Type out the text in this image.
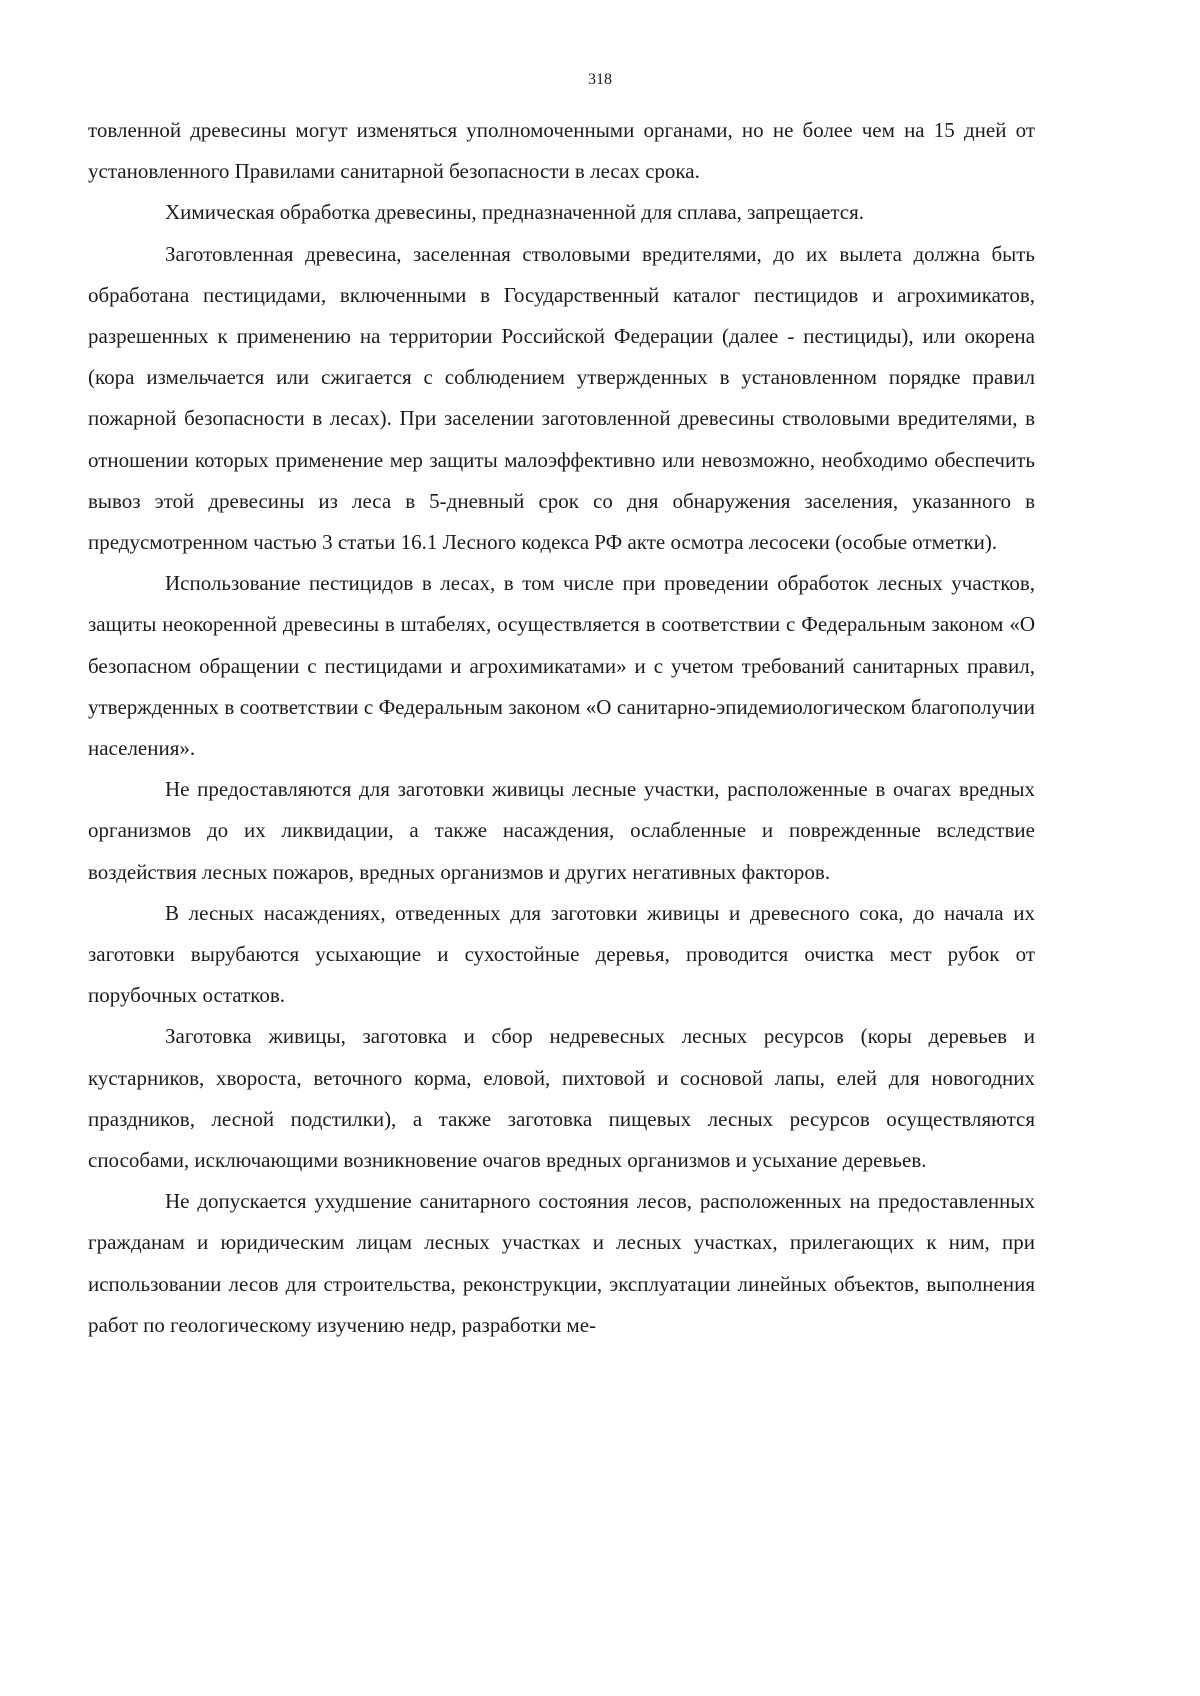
318

товленной древесины могут изменяться уполномоченными органами, но не более чем на 15 дней от установленного Правилами санитарной безопасности в лесах срока.

Химическая обработка древесины, предназначенной для сплава, запрещается.

Заготовленная древесина, заселенная стволовыми вредителями, до их вылета должна быть обработана пестицидами, включенными в Государственный каталог пестицидов и агрохимикатов, разрешенных к применению на территории Российской Федерации (далее - пестициды), или окорена (кора измельчается или сжигается с соблюдением утвержденных в установленном порядке правил пожарной безопасности в лесах). При заселении заготовленной древесины стволовыми вредителями, в отношении которых применение мер защиты малоэффективно или невозможно, необходимо обеспечить вывоз этой древесины из леса в 5-дневный срок со дня обнаружения заселения, указанного в предусмотренном частью 3 статьи 16.1 Лесного кодекса РФ акте осмотра лесосеки (особые отметки).

Использование пестицидов в лесах, в том числе при проведении обработок лесных участков, защиты неокоренной древесины в штабелях, осуществляется в соответствии с Федеральным законом «О безопасном обращении с пестицидами и агрохимикатами» и с учетом требований санитарных правил, утвержденных в соответствии с Федеральным законом «О санитарно-эпидемиологическом благополучии населения».

Не предоставляются для заготовки живицы лесные участки, расположенные в очагах вредных организмов до их ликвидации, а также насаждения, ослабленные и поврежденные вследствие воздействия лесных пожаров, вредных организмов и других негативных факторов.

В лесных насаждениях, отведенных для заготовки живицы и древесного сока, до начала их заготовки вырубаются усыхающие и сухостойные деревья, проводится очистка мест рубок от порубочных остатков.

Заготовка живицы, заготовка и сбор недревесных лесных ресурсов (коры деревьев и кустарников, хвороста, веточного корма, еловой, пихтовой и сосновой лапы, елей для новогодних праздников, лесной подстилки), а также заготовка пищевых лесных ресурсов осуществляются способами, исключающими возникновение очагов вредных организмов и усыхание деревьев.

Не допускается ухудшение санитарного состояния лесов, расположенных на предоставленных гражданам и юридическим лицам лесных участках и лесных участках, прилегающих к ним, при использовании лесов для строительства, реконструкции, эксплуатации линейных объектов, выполнения работ по геологическому изучению недр, разработки ме-
